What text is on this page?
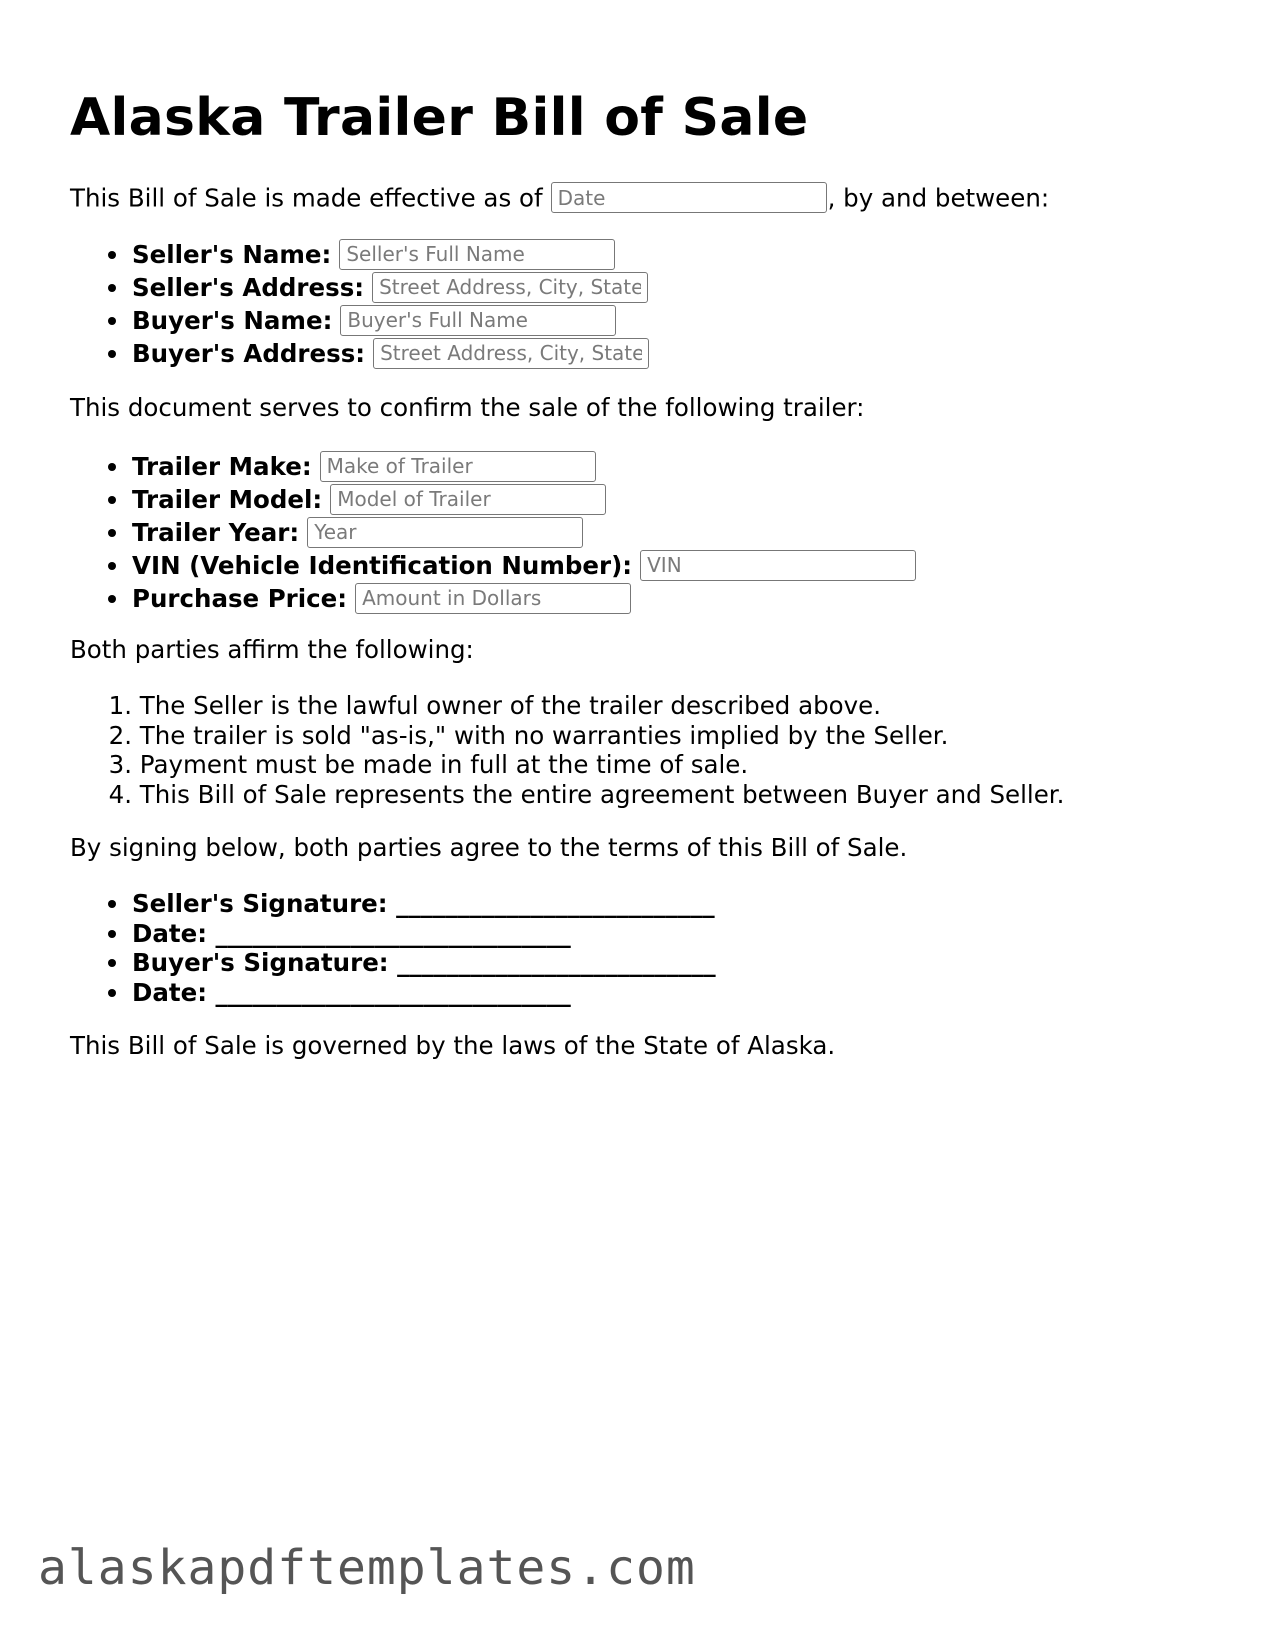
Alaska Trailer Bill of Sale
This Bill of Sale is made effective as ofDate	, by and between:
Seller's Name:Seller's Full Name
Seller's Address:Street Address, City, State
Buyer's Name:Buyer's Full Name
Buyer's Address:Street Address, City, State
This document serves to confirm the sale of the following trailer:
Trailer Make:Make of Trailer
Trailer Model:Model of Trailer
Trailer Year:Year
VIN (Vehicle Identification Number):VIN
Purchase Price:Amount in Dollars
Both parties affirm the following:
1. The Seller is the lawful owner of the trailer described above.
2. The trailer is sold "as-is," with no warranties implied by the Seller.
3. Payment must be made in full at the time of sale.
4. This Bill of Sale represents the entire agreement between Buyer and Seller.
By signing below, both parties agree to the terms of this Bill of Sale.
Seller's Signature: __________________________
Date: _____________________________
Buyer's Signature: __________________________
Date: _____________________________
This Bill of Sale is governed by the laws of the State of Alaska.
alaskapdftemplates.com
